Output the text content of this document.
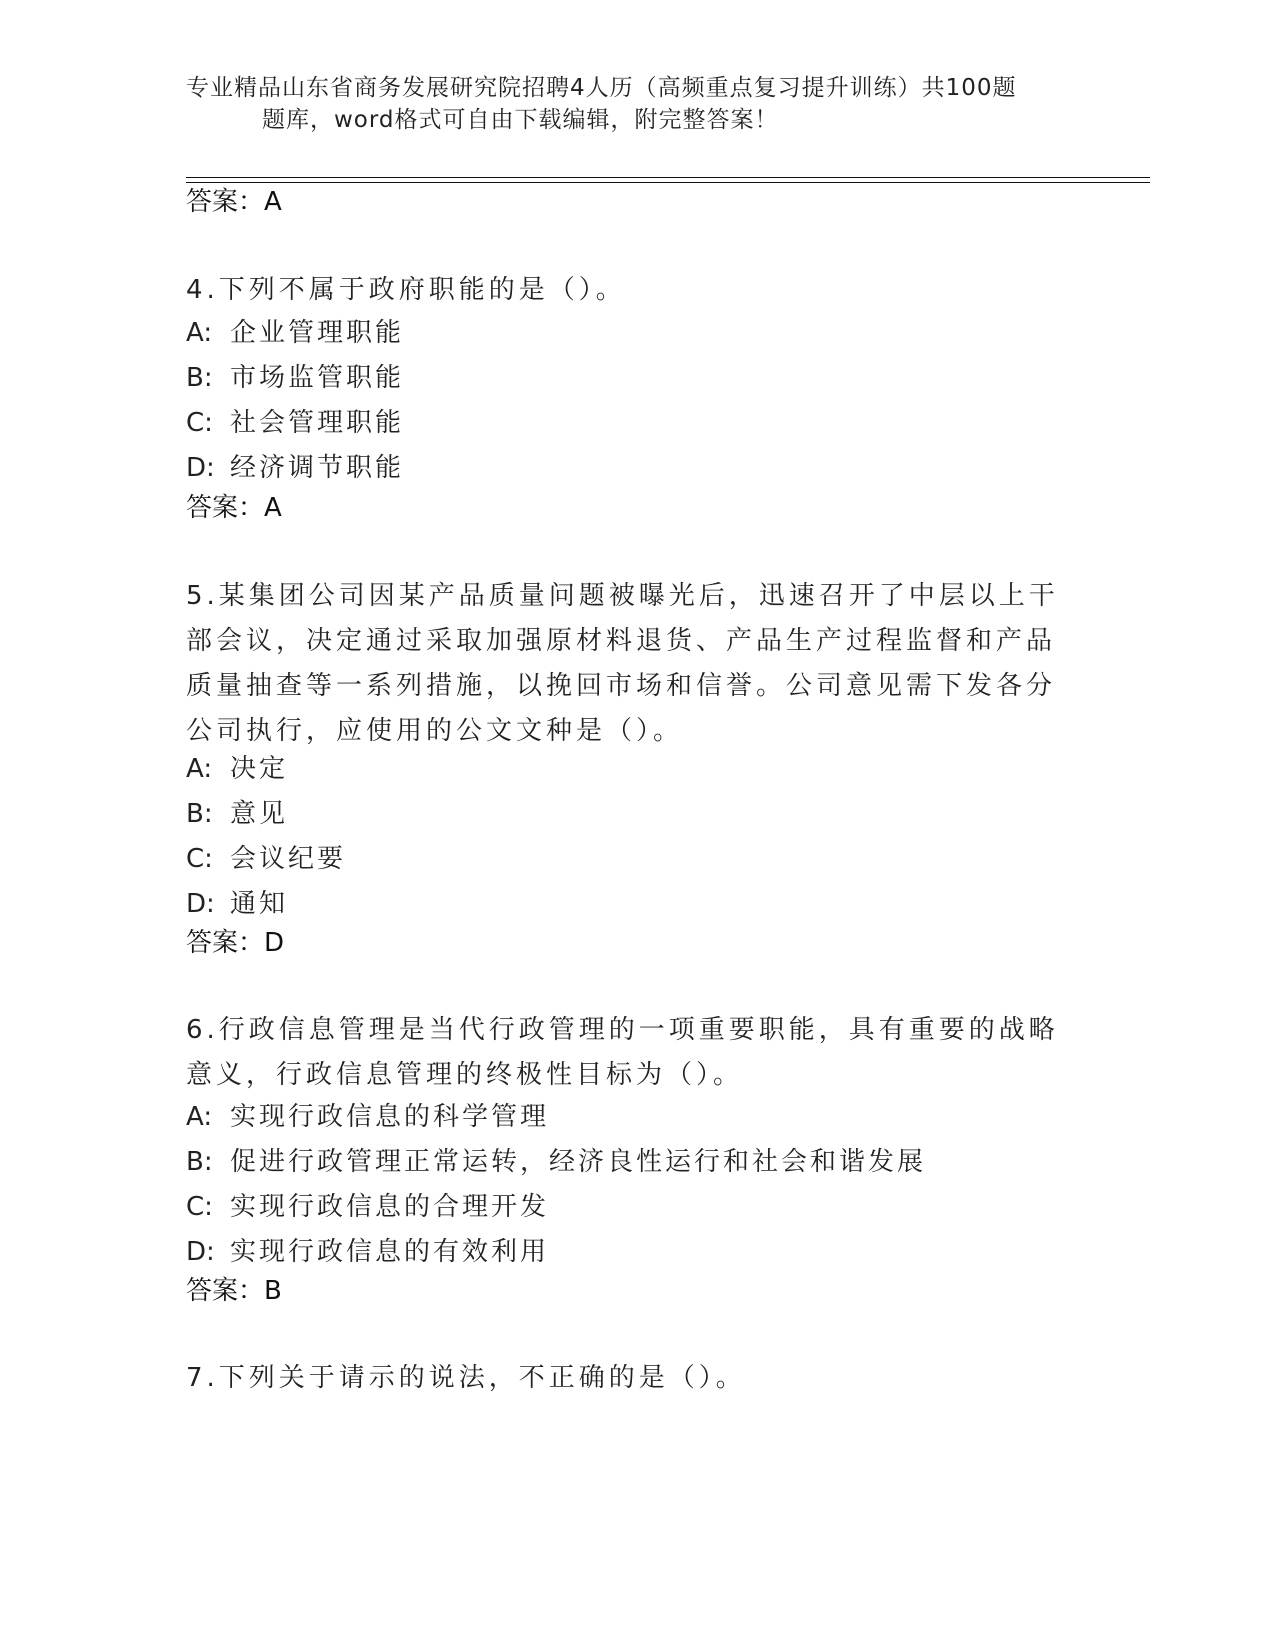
专业精品山东省商务发展研究院招聘4人历（高频重点复习提升训练）共100题
题库，word格式可自由下载编辑，附完整答案！
答案：A
4.下列不属于政府职能的是（）。
A: 企业管理职能
B: 市场监管职能
C: 社会管理职能
D: 经济调节职能
答案：A
5.某集团公司因某产品质量问题被曝光后，迅速召开了中层以上干部会议，决定通过采取加强原材料退货、产品生产过程监督和产品质量抽查等一系列措施，以挽回市场和信誉。公司意见需下发各分公司执行，应使用的公文文种是（）。
A: 决定
B: 意见
C: 会议纪要
D: 通知
答案：D
6.行政信息管理是当代行政管理的一项重要职能，具有重要的战略意义，行政信息管理的终极性目标为（）。
A: 实现行政信息的科学管理
B: 促进行政管理正常运转，经济良性运行和社会和谐发展
C: 实现行政信息的合理开发
D: 实现行政信息的有效利用
答案：B
7.下列关于请示的说法，不正确的是（）。
